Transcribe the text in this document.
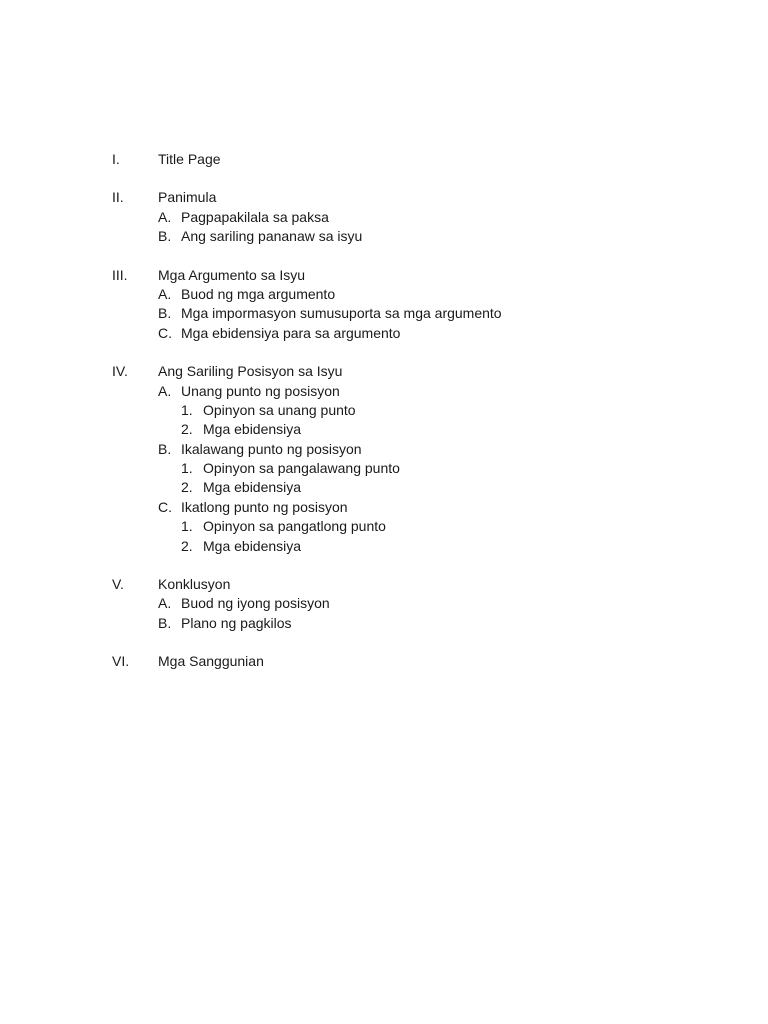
I.	Title Page
II. Panimula
A. Pagpapakilala sa paksa
B. Ang sariling pananaw sa isyu
III. Mga Argumento sa Isyu
A. Buod ng mga argumento
B. Mga impormasyon sumusuporta sa mga argumento
C. Mga ebidensiya para sa argumento
IV. Ang Sariling Posisyon sa Isyu
A. Unang punto ng posisyon
1. Opinyon sa unang punto
2. Mga ebidensiya
B. Ikalawang punto ng posisyon
1. Opinyon sa pangalawang punto
2. Mga ebidensiya
C. Ikatlong punto ng posisyon
1. Opinyon sa pangatlong punto
2. Mga ebidensiya
V. Konklusyon
A. Buod ng iyong posisyon
B. Plano ng pagkilos
VI. Mga Sanggunian
